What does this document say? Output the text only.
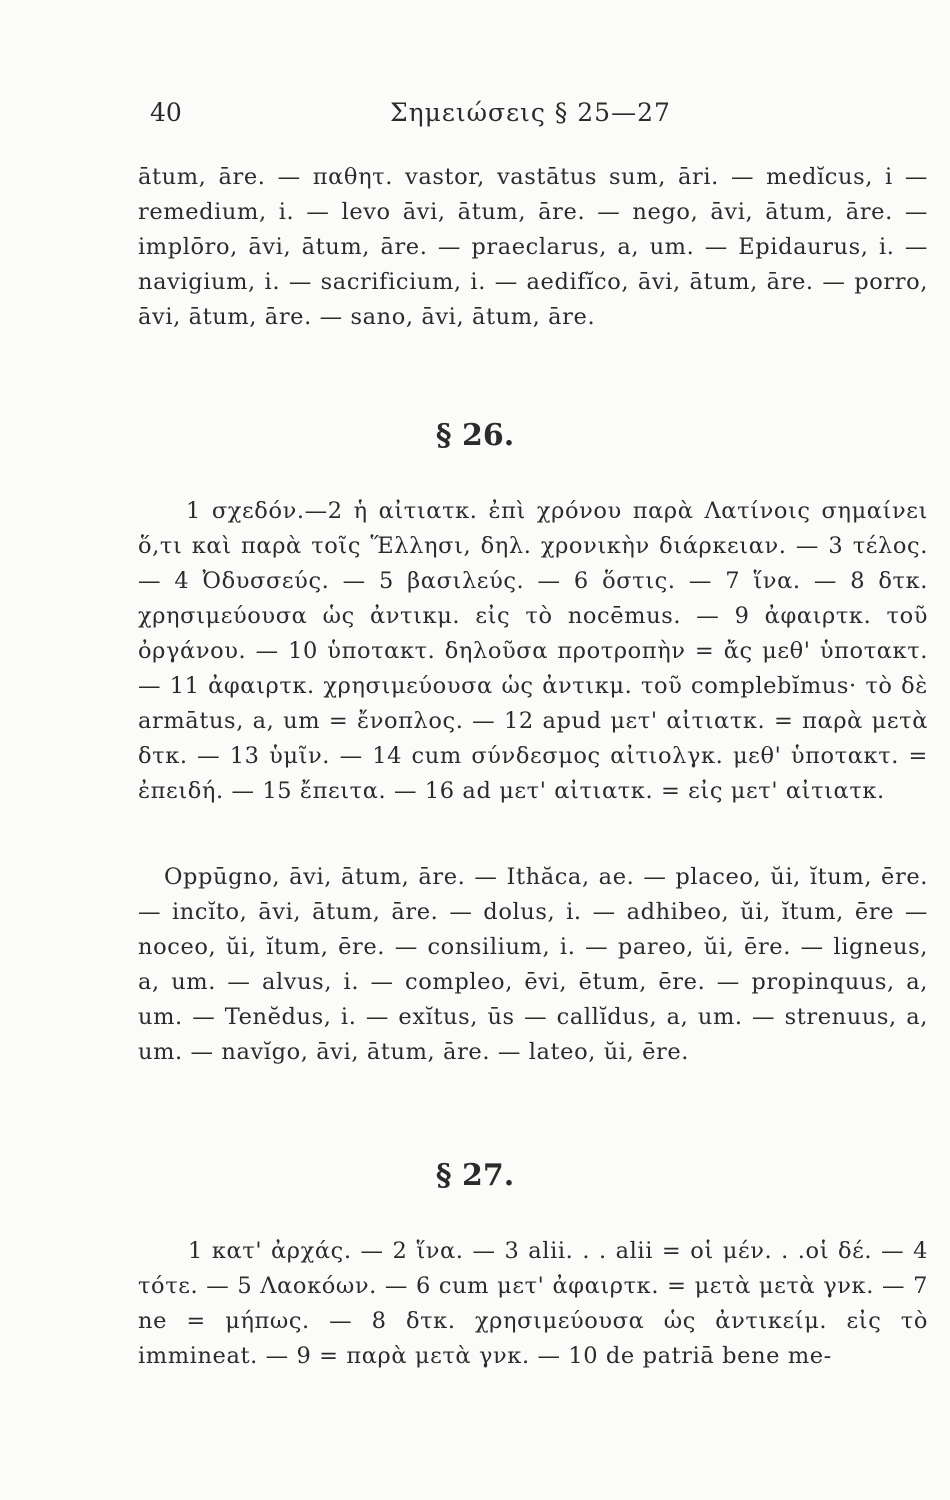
40	Σημειώσεις § 25—27

ātum, āre. — παθητ. vastor, vastātus sum, āri. — medĭcus, i — remedium, i. — levo āvi, ātum, āre. — nego, āvi, ātum, āre. — implōro, āvi, ātum, āre. — praeclarus, a, um. — Epidaurus, i. — navigium, i. — sacrificium, i. — aedifĭco, āvi, ātum, āre. — porro, āvi, ātum, āre. — sano, āvi, ātum, āre.

§ 26.

1 σχεδόν.—2 ἡ αἰτιατκ. ἐπὶ χρόνου παρὰ Λατίνοις σημαίνει ὅ,τι καὶ παρὰ τοῖς Ἕλλησι, δηλ. χρονικὴν διάρκειαν. — 3 τέλος. — 4 Ὀδυσσεύς. — 5 βασιλεύς. — 6 ὅστις. — 7 ἵνα. — 8 δτκ. χρησιμεύουσα ὡς ἀντικμ. εἰς τὸ nocēmus. — 9 ἀφαιρτκ. τοῦ ὀργάνου. — 10 ὑποτακτ. δηλοῦσα προτροπὴν = ἄς μεθ' ὑποτακτ. — 11 ἀφαιρτκ. χρησιμεύουσα ὡς ἀντικμ. τοῦ complebĭmus· τὸ δὲ armātus, a, um = ἔνοπλος. — 12 apud μετ' αἰτιατκ. = παρὰ μετὰ δτκ. — 13 ὑμῖν. — 14 cum σύνδεσμος αἰτιολγκ. μεθ' ὑποτακτ. = ἐπειδή. — 15 ἔπειτα. — 16 ad μετ' αἰτιατκ. = εἰς μετ' αἰτιατκ.

Oppūgno, āvi, ātum, āre. — Ithăca, ae. — placeo, ŭi, ĭtum, ēre. — incĭto, āvi, ātum, āre. — dolus, i. — adhibeo, ŭi, ĭtum, ēre — noceo, ŭi, ĭtum, ēre. — consilium, i. — pareo, ŭi, ēre. — ligneus, a, um. — alvus, i. — compleo, ēvi, ētum, ēre. — propinquus, a, um. — Tenĕdus, i. — exĭtus, ūs — callĭdus, a, um. — strenuus, a, um. — navĭgo, āvi, ātum, āre. — lateo, ŭi, ēre.

§ 27.

1 κατ' ἀρχάς. — 2 ἵνα. — 3 alii. . . alii = οἱ μέν. . .οἱ δέ. — 4 τότε. — 5 Λαοκόων. — 6 cum μετ' ἀφαιρτκ. = μετὰ μετὰ γνκ. — 7 ne = μήπως. — 8 δτκ. χρησιμεύουσα ὡς ἀντικείμ. εἰς τὸ immineat. — 9 = παρὰ μετὰ γνκ. — 10 de patriā bene me-
